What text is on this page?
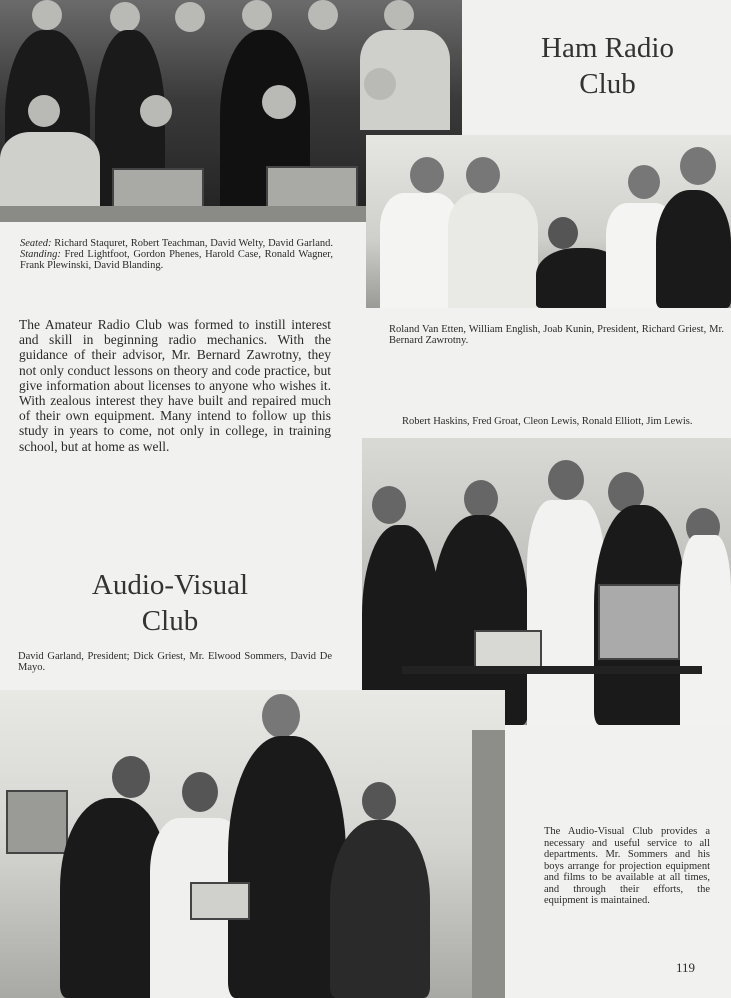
Ham Radio
Club
Seated: Richard Staquret, Robert Teachman, David Welty, David Garland. Standing: Fred Lightfoot, Gordon Phenes, Harold Case, Ronald Wagner, Frank Plewinski, David Blanding.
The Amateur Radio Club was formed to instill interest and skill in beginning radio mechanics. With the guidance of their advisor, Mr. Bernard Zawrotny, they not only conduct lessons on theory and code practice, but give information about licenses to anyone who wishes it. With zealous interest they have built and repaired much of their own equipment. Many intend to follow up this study in years to come, not only in college, in training school, but at home as well.
Roland Van Etten, William English, Joab Kunin, President, Richard Griest, Mr. Bernard Zawrotny.
Robert Haskins, Fred Groat, Cleon Lewis, Ronald Elliott, Jim Lewis.
Audio-Visual
Club
David Garland, President; Dick Griest, Mr. Elwood Sommers, David De Mayo.
The Audio-Visual Club provides a necessary and useful service to all departments. Mr. Sommers and his boys arrange for projection equipment and films to be available at all times, and through their efforts, the equipment is maintained.
119
